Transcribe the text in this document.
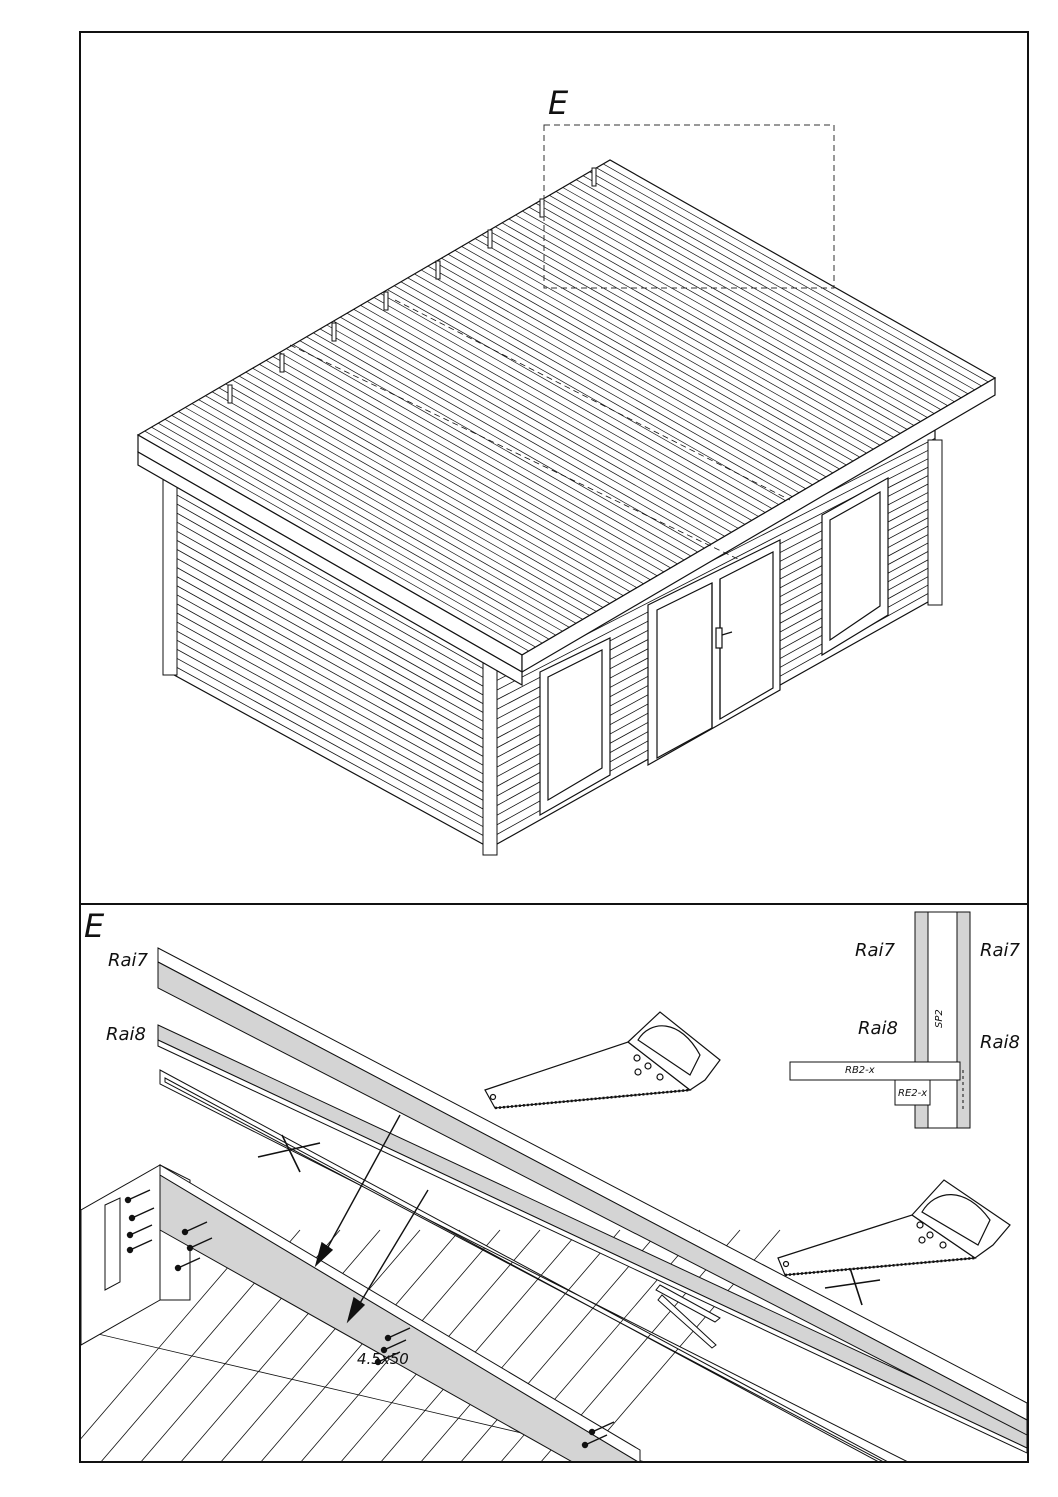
E
E
Rai7
Rai8
Rai7	Rai7
Rai8
Rai8
SP2
RB2-x
RE2-x
4.5x50
